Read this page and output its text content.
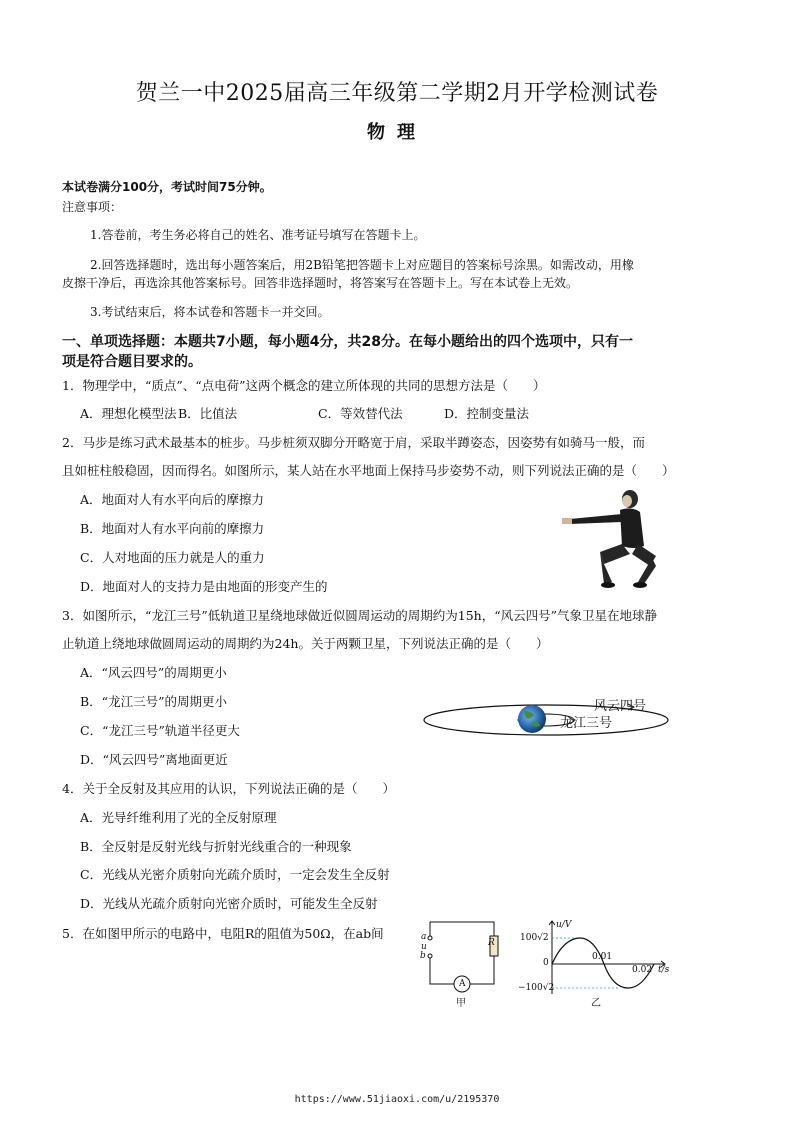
贺兰一中2025届高三年级第二学期2月开学检测试卷
物理
本试卷满分100分，考试时间75分钟。
注意事项：
1.答卷前，考生务必将自己的姓名、准考证号填写在答题卡上。
2.回答选择题时，选出每小题答案后，用2B铅笔把答题卡上对应题目的答案标号涂黑。如需改动，用橡
皮擦干净后，再选涂其他答案标号。回答非选择题时，将答案写在答题卡上。写在本试卷上无效。
3.考试结束后，将本试卷和答题卡一并交回。
一、单项选择题：本题共7小题，每小题4分，共28分。在每小题给出的四个选项中，只有一
项是符合题目要求的。
1．物理学中，“质点”、“点电荷”这两个概念的建立所体现的共同的思想方法是（　　）
A．理想化模型法 B．比值法	C．等效替代法	D．控制变量法
2．马步是练习武术最基本的桩步。马步桩须双脚分开略宽于肩，采取半蹲姿态，因姿势有如骑马一般，而
且如桩柱般稳固，因而得名。如图所示，某人站在水平地面上保持马步姿势不动，则下列说法正确的是（　　）
A．地面对人有水平向后的摩擦力
B．地面对人有水平向前的摩擦力
C．人对地面的压力就是人的重力
D．地面对人的支持力是由地面的形变产生的
3．如图所示，“龙江三号”低轨道卫星绕地球做近似圆周运动的周期约为15h，“风云四号”气象卫星在地球静
止轨道上绕地球做圆周运动的周期约为24h。关于两颗卫星，下列说法正确的是（　　）
A．“风云四号”的周期更小
B．“龙江三号”的周期更小
C．“龙江三号”轨道半径更大
D．“风云四号”离地面更近
风云四号
龙江三号
4．关于全反射及其应用的认识，下列说法正确的是（　　）
A．光导纤维利用了光的全反射原理
B．全反射是反射光线与折射光线重合的一种现象
C．光线从光密介质射向光疏介质时，一定会发生全反射
D．光线从光疏介质射向光密介质时，可能发生全反射
5．在如图甲所示的电路中，电阻R的阻值为50Ω，在ab间	a
u
b
R
A
甲
u/V
100√2
0
−100√2
0.01
0.02 t/s
乙
https://www.51jiaoxi.com/u/2195370
